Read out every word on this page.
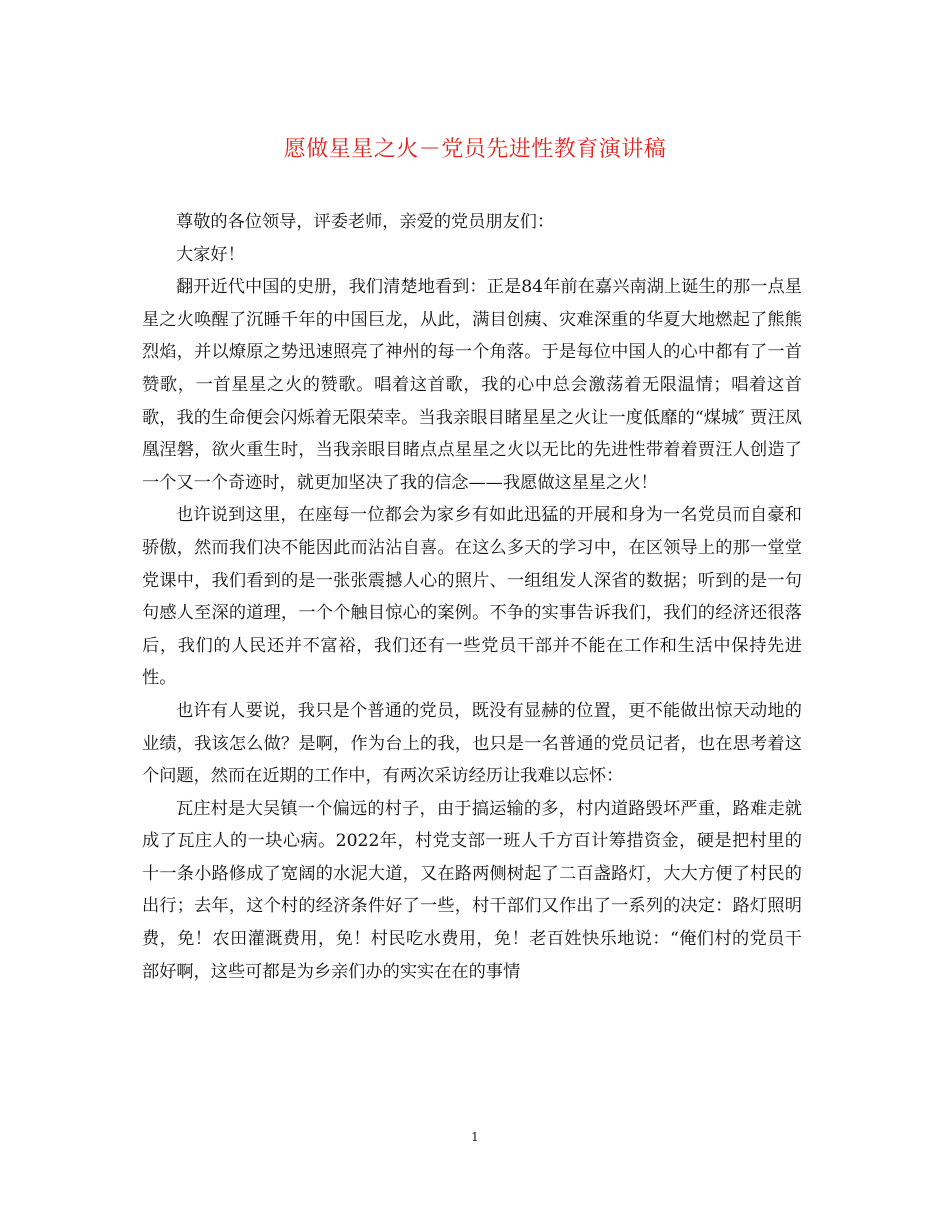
愿做星星之火－党员先进性教育演讲稿

尊敬的各位领导，评委老师，亲爱的党员朋友们：

大家好！

翻开近代中国的史册，我们清楚地看到：正是84年前在嘉兴南湖上诞生的那一点星星之火唤醒了沉睡千年的中国巨龙，从此，满目创痍、灾难深重的华夏大地燃起了熊熊烈焰，并以燎原之势迅速照亮了神州的每一个角落。于是每位中国人的心中都有了一首赞歌，一首星星之火的赞歌。唱着这首歌，我的心中总会激荡着无限温情；唱着这首歌，我的生命便会闪烁着无限荣幸。当我亲眼目睹星星之火让一度低靡的“煤城″ 贾汪凤凰涅磐，欲火重生时，当我亲眼目睹点点星星之火以无比的先进性带着着贾汪人创造了一个又一个奇迹时，就更加坚决了我的信念——我愿做这星星之火！

也许说到这里，在座每一位都会为家乡有如此迅猛的开展和身为一名党员而自豪和骄傲，然而我们决不能因此而沾沾自喜。在这么多天的学习中，在区领导上的那一堂堂党课中，我们看到的是一张张震撼人心的照片、一组组发人深省的数据；听到的是一句句感人至深的道理，一个个触目惊心的案例。不争的实事告诉我们，我们的经济还很落后，我们的人民还并不富裕，我们还有一些党员干部并不能在工作和生活中保持先进性。

也许有人要说，我只是个普通的党员，既没有显赫的位置，更不能做出惊天动地的业绩，我该怎么做？是啊，作为台上的我，也只是一名普通的党员记者，也在思考着这个问题，然而在近期的工作中，有两次采访经历让我难以忘怀：

瓦庄村是大吴镇一个偏远的村子，由于搞运输的多，村内道路毁坏严重，路难走就成了瓦庄人的一块心病。2022年，村党支部一班人千方百计筹措资金，硬是把村里的十一条小路修成了宽阔的水泥大道，又在路两侧树起了二百盏路灯，大大方便了村民的出行；去年，这个村的经济条件好了一些，村干部们又作出了一系列的决定：路灯照明费，免！农田灌溉费用，免！村民吃水费用，免！老百姓快乐地说：“俺们村的党员干部好啊，这些可都是为乡亲们办的实实在在的事情

1
